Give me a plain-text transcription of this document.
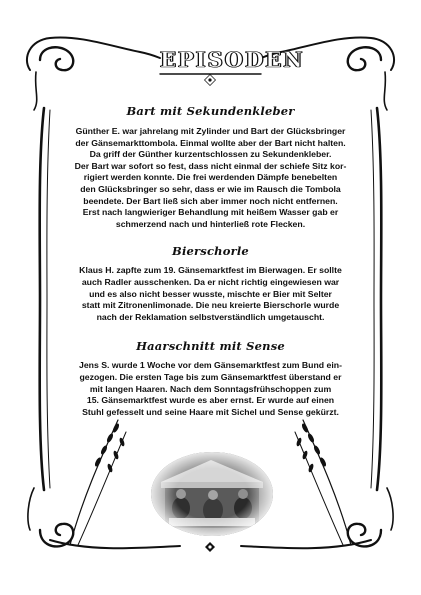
EPISODEN
Bart mit Sekundenkleber

Günther E. war jahrelang mit Zylinder und Bart der Glücksbringer
der Gänsemarkttombola. Einmal wollte aber der Bart nicht halten.
Da griff der Günther kurzentschlossen zu Sekundenkleber.
Der Bart war sofort so fest, dass nicht einmal der schiefe Sitz kor-
rigiert werden konnte. Die frei werdenden Dämpfe benebelten
den Glücksbringer so sehr, dass er wie im Rausch die Tombola
beendete. Der Bart ließ sich aber immer noch nicht entfernen.
Erst nach langwieriger Behandlung mit heißem Wasser gab er
schmerzend nach und hinterließ rote Flecken.

Bierschorle

Klaus H. zapfte zum 19. Gänsemarktfest im Bierwagen. Er sollte
auch Radler ausschenken. Da er nicht richtig eingewiesen war
und es also nicht besser wusste, mischte er Bier mit Selter
statt mit Zitronenlimonade. Die neu kreierte Bierschorle wurde
nach der Reklamation selbstverständlich umgetauscht.

Haarschnitt mit Sense

Jens S. wurde 1 Woche vor dem Gänsemarktfest zum Bund ein-
gezogen. Die ersten Tage bis zum Gänsemarktfest überstand er
mit langen Haaren. Nach dem Sonntagsfrühschoppen zum
15. Gänsemarktfest wurde es aber ernst. Er wurde auf einen
Stuhl gefesselt und seine Haare mit Sichel und Sense gekürzt.
